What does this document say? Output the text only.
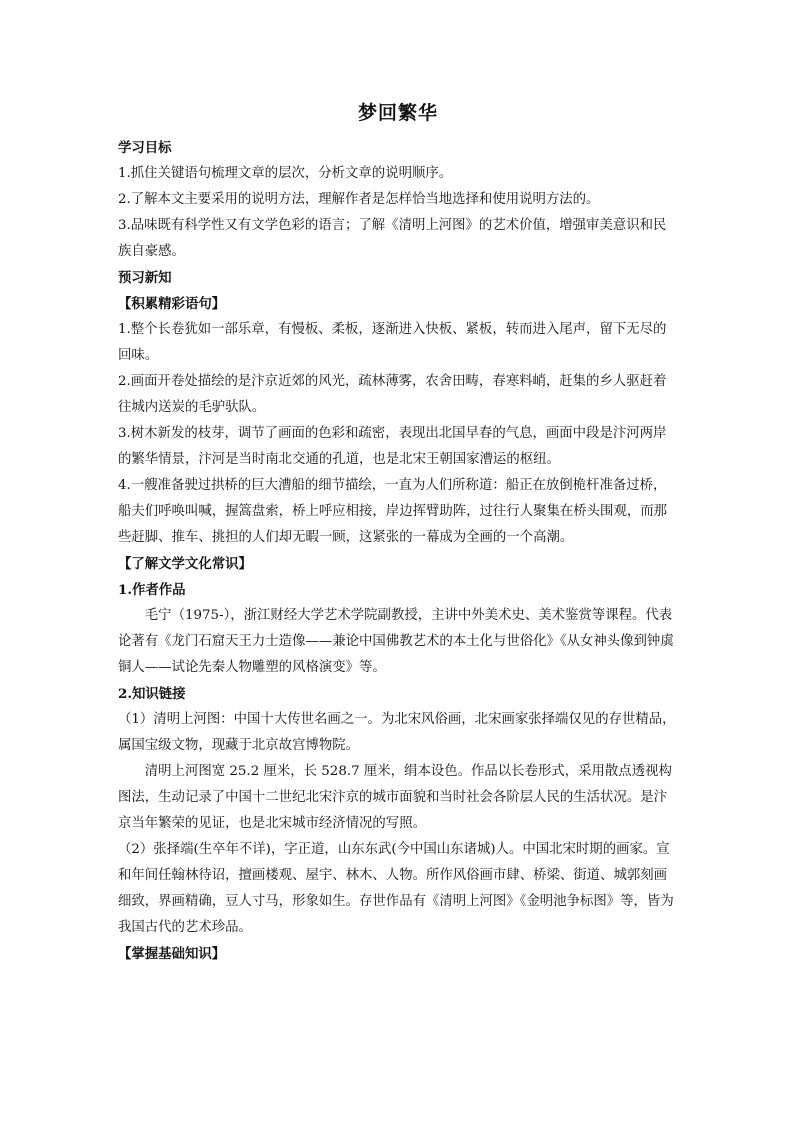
梦回繁华

学习目标

1.抓住关键语句梳理文章的层次，分析文章的说明顺序。

2.了解本文主要采用的说明方法，理解作者是怎样恰当地选择和使用说明方法的。

3.品味既有科学性又有文学色彩的语言；了解《清明上河图》的艺术价值，增强审美意识和民族自豪感。

预习新知

【积累精彩语句】

1.整个长卷犹如一部乐章，有慢板、柔板，逐渐进入快板、紧板，转而进入尾声，留下无尽的回味。

2.画面开卷处描绘的是汴京近郊的风光，疏林薄雾，农舍田畴，春寒料峭，赶集的乡人驱赶着往城内送炭的毛驴驮队。

3.树木新发的枝芽，调节了画面的色彩和疏密，表现出北国早春的气息，画面中段是汴河两岸的繁华情景，汴河是当时南北交通的孔道，也是北宋王朝国家漕运的枢纽。

4.一艘准备驶过拱桥的巨大漕船的细节描绘，一直为人们所称道：船正在放倒桅杆准备过桥，船夫们呼唤叫喊，握篙盘索，桥上呼应相接，岸边挥臂助阵，过往行人聚集在桥头围观，而那些赶脚、推车、挑担的人们却无暇一顾，这紧张的一幕成为全画的一个高潮。

【了解文学文化常识】

1.作者作品

毛宁（1975-），浙江财经大学艺术学院副教授，主讲中外美术史、美术鉴赏等课程。代表论著有《龙门石窟天王力士造像——兼论中国佛教艺术的本土化与世俗化》《从女神头像到钟虡铜人——试论先秦人物雕塑的风格演变》等。

2.知识链接

（1）清明上河图：中国十大传世名画之一。为北宋风俗画，北宋画家张择端仅见的存世精品，属国宝级文物，现藏于北京故宫博物院。

清明上河图宽 25.2 厘米，长 528.7 厘米，绢本设色。作品以长卷形式，采用散点透视构图法，生动记录了中国十二世纪北宋汴京的城市面貌和当时社会各阶层人民的生活状况。是汴京当年繁荣的见证，也是北宋城市经济情况的写照。

（2）张择端(生卒年不详)，字正道，山东东武(今中国山东诸城)人。中国北宋时期的画家。宣和年间任翰林待诏，擅画楼观、屋宇、林木、人物。所作风俗画市肆、桥梁、街道、城郭刻画细致，界画精确，豆人寸马，形象如生。存世作品有《清明上河图》《金明池争标图》等，皆为我国古代的艺术珍品。

【掌握基础知识】
